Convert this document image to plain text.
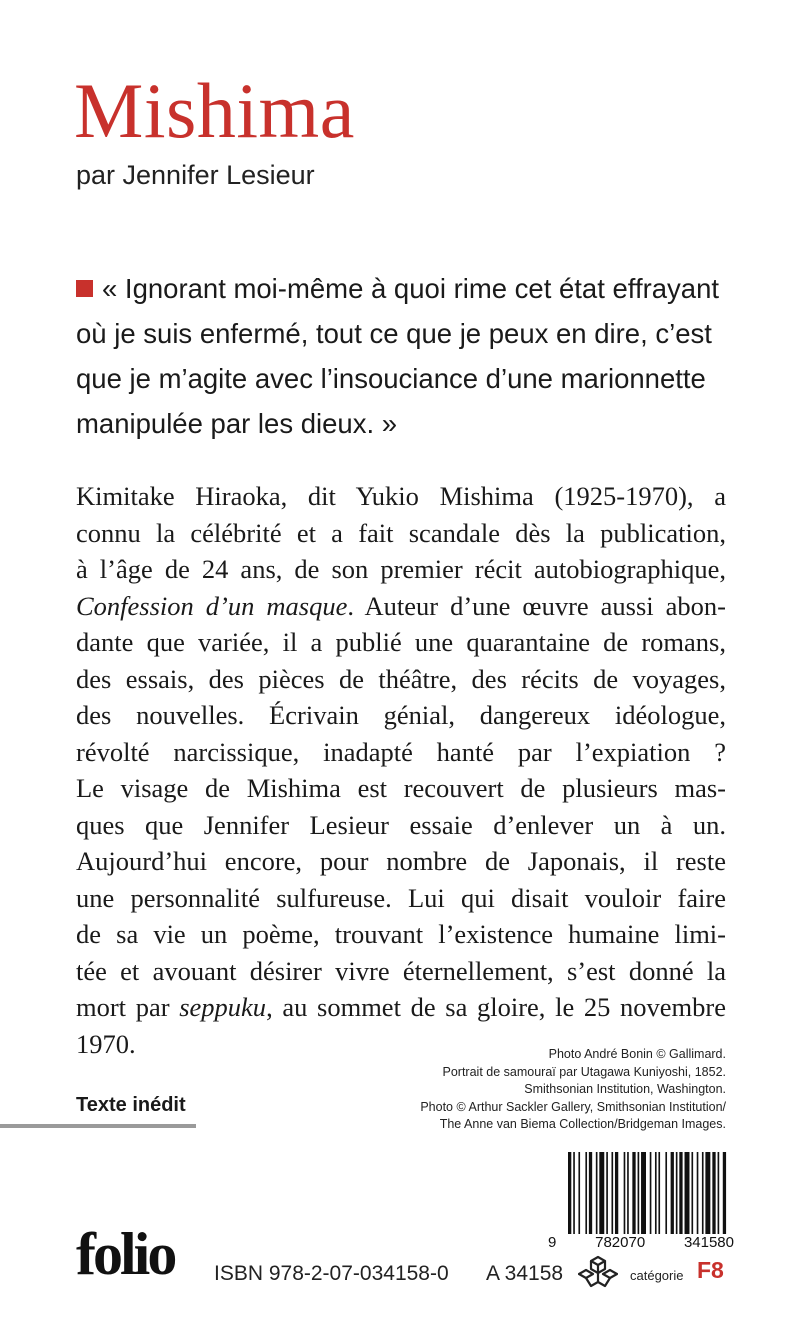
Mishima
par Jennifer Lesieur
« Ignorant moi-même à quoi rime cet état effrayant où je suis enfermé, tout ce que je peux en dire, c’est que je m’agite avec l’insouciance d’une marionnette manipulée par les dieux. »
Kimitake Hiraoka, dit Yukio Mishima (1925-1970), a
connu la célébrité et a fait scandale dès la publication,
à l’âge de 24 ans, de son premier récit autobiographique,
Confession d’un masque. Auteur d’une œuvre aussi abon-
dante que variée, il a publié une quarantaine de romans,
des essais, des pièces de théâtre, des récits de voyages,
des nouvelles. Écrivain génial, dangereux idéologue,
révolté narcissique, inadapté hanté par l’expiation ?
Le visage de Mishima est recouvert de plusieurs mas-
ques que Jennifer Lesieur essaie d’enlever un à un.
Aujourd’hui encore, pour nombre de Japonais, il reste
une personnalité sulfureuse. Lui qui disait vouloir faire
de sa vie un poème, trouvant l’existence humaine limi-
tée et avouant désirer vivre éternellement, s’est donné la
mort par seppuku, au sommet de sa gloire, le 25 novembre
1970.	Photo André Bonin © Gallimard.
Portrait de samouraï par Utagawa Kuniyoshi, 1852.
Smithsonian Institution, Washington.
Photo © Arthur Sackler Gallery, Smithsonian Institution/
The Anne van Biema Collection/Bridgeman Images.
Texte inédit
9	782070	341580
folio ISBN 978-2-07-034158-0 A 34158	catégorie F8
